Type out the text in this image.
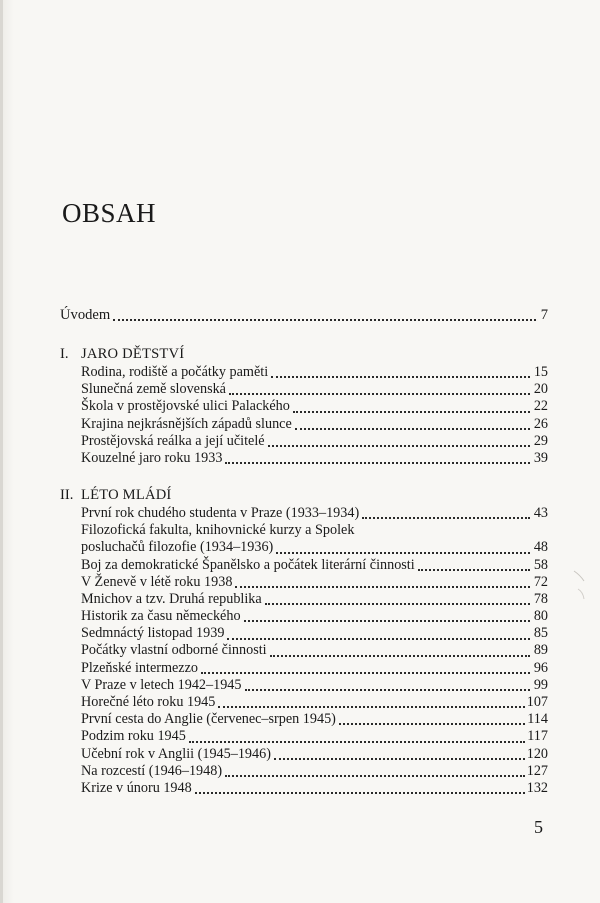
OBSAH
Úvodem	7
I. JARO DĚTSTVÍ
Rodina, rodiště a počátky paměti	15
Slunečná země slovenská	20
Škola v prostějovské ulici Palackého	22
Krajina nejkrásnějších západů slunce	26
Prostějovská reálka a její učitelé	29
Kouzelné jaro roku 1933	39
II. LÉTO MLÁDÍ
První rok chudého studenta v Praze (1933–1934)	43
Filozofická fakulta, knihovnické kurzy a Spolek
posluchačů filozofie (1934–1936)	48
Boj za demokratické Španělsko a počátek literární činnosti	58
V Ženevě v létě roku 1938	72
Mnichov a tzv. Druhá republika	78
Historik za času německého	80
Sedmnáctý listopad 1939	85
Počátky vlastní odborné činnosti	89
Plzeňské intermezzo	96
V Praze v letech 1942–1945	99
Horečné léto roku 1945	107
První cesta do Anglie (červenec–srpen 1945)	114
Podzim roku 1945	117
Učební rok v Anglii (1945–1946)	120
Na rozcestí (1946–1948)	127
Krize v únoru 1948	132
5
